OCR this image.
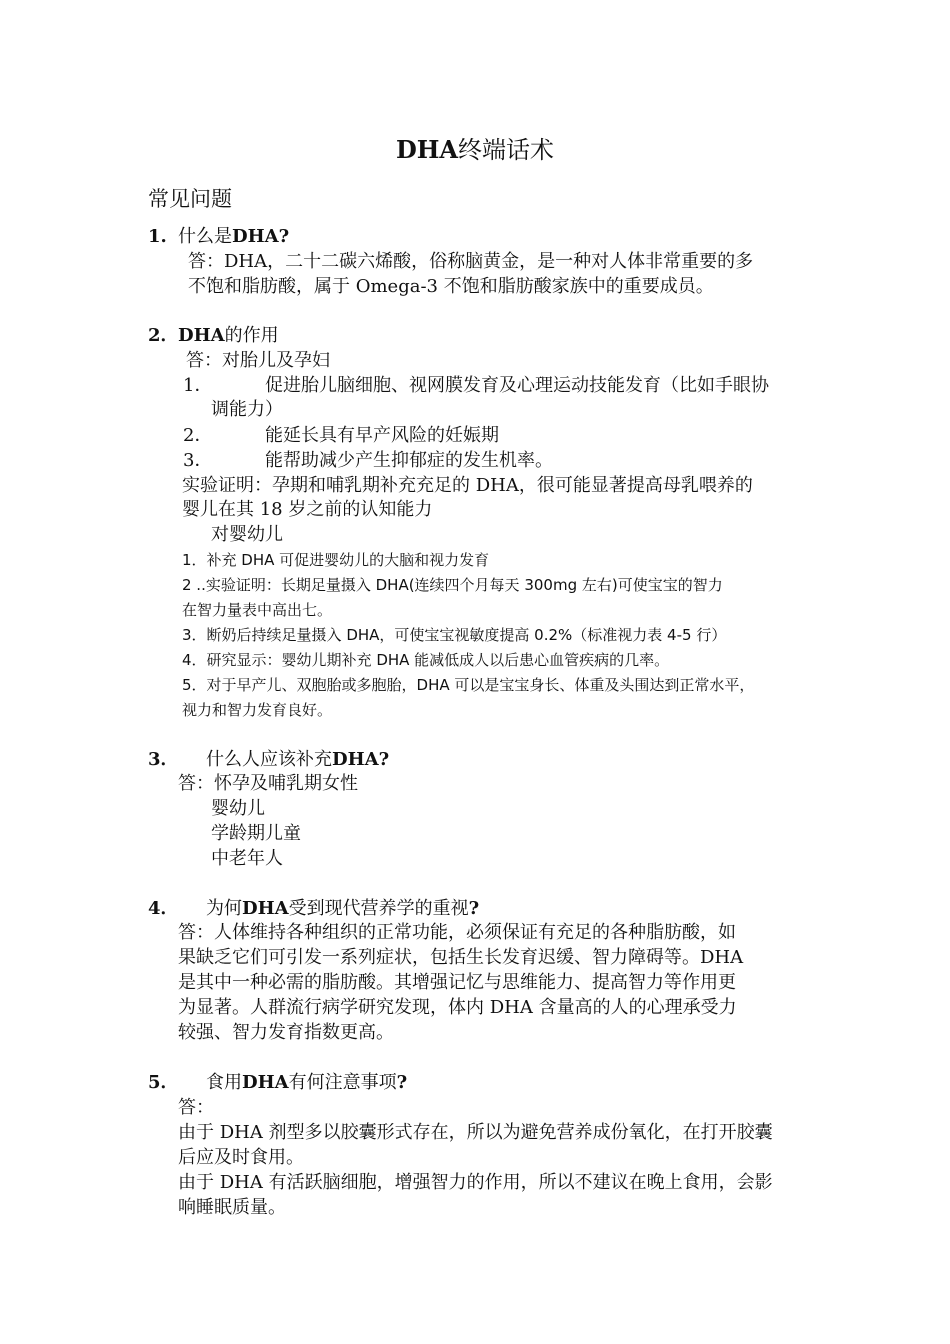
DHA终端话术
常见问题
1. 什么是DHA?
答：DHA，二十二碳六烯酸，俗称脑黄金，是一种对人体非常重要的多
不饱和脂肪酸，属于 Omega-3 不饱和脂肪酸家族中的重要成员。
2．DHA的作用
答：对胎儿及孕妇
1．	促进胎儿脑细胞、视网膜发育及心理运动技能发育（比如手眼协
调能力）
2．	能延长具有早产风险的妊娠期
3．	能帮助减少产生抑郁症的发生机率。
实验证明：孕期和哺乳期补充充足的 DHA，很可能显著提高母乳喂养的
婴儿在其 18 岁之前的认知能力
对婴幼儿
1．补充 DHA 可促进婴幼儿的大脑和视力发育
2 ..实验证明：长期足量摄入 DHA(连续四个月每天 300mg 左右)可使宝宝的智力
在智力量表中高出七。
3．断奶后持续足量摄入 DHA，可使宝宝视敏度提高 0.2%（标准视力表 4-5 行）
4．研究显示：婴幼儿期补充 DHA 能减低成人以后患心血管疾病的几率。
5．对于早产儿、双胞胎或多胞胎，DHA 可以是宝宝身长、体重及头围达到正常水平，
视力和智力发育良好。
3． 什么人应该补充DHA?
答：怀孕及哺乳期女性
婴幼儿
学龄期儿童
中老年人
4． 为何DHA受到现代营养学的重视?
答：人体维持各种组织的正常功能，必须保证有充足的各种脂肪酸，如
果缺乏它们可引发一系列症状，包括生长发育迟缓、智力障碍等。DHA
是其中一种必需的脂肪酸。其增强记忆与思维能力、提高智力等作用更
为显著。人群流行病学研究发现，体内 DHA 含量高的人的心理承受力
较强、智力发育指数更高。
5． 食用DHA有何注意事项?
答：
由于 DHA 剂型多以胶囊形式存在，所以为避免营养成份氧化，在打开胶囊
后应及时食用。
由于 DHA 有活跃脑细胞，增强智力的作用，所以不建议在晚上食用，会影
响睡眠质量。
